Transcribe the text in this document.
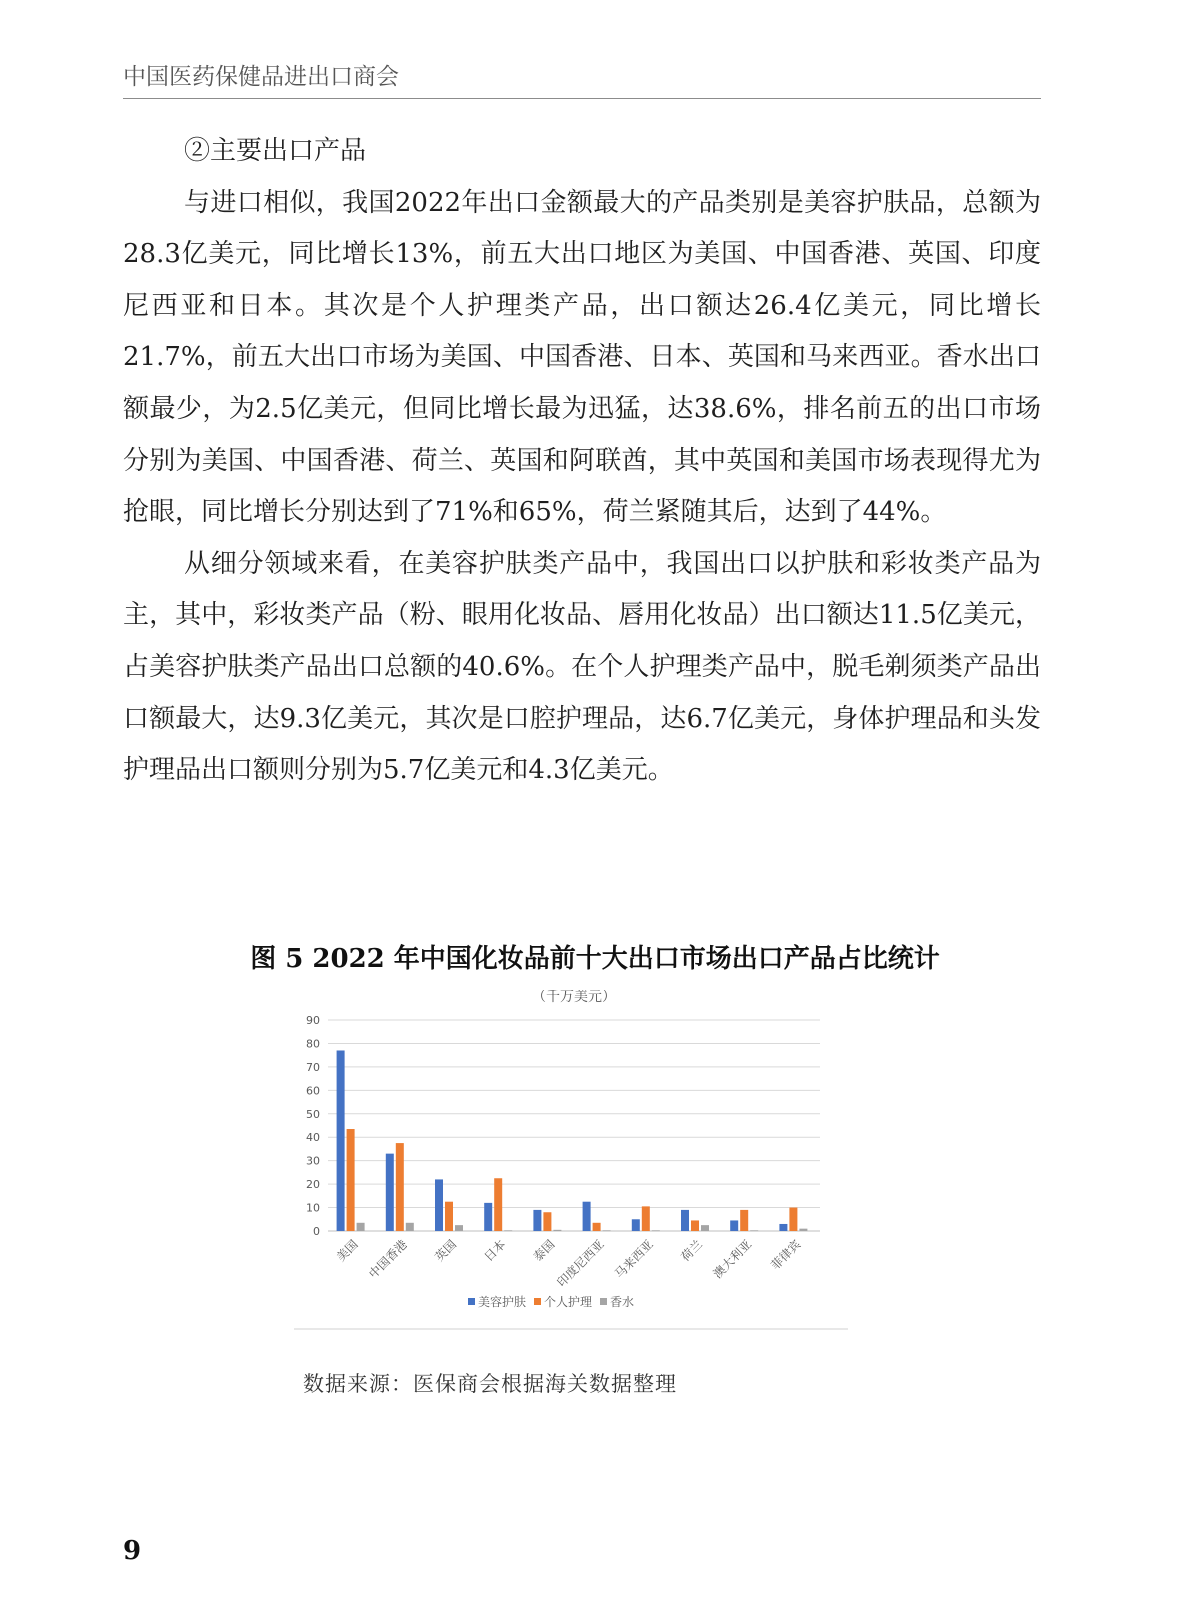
中国医药保健品进出口商会

②主要出口产品

与进口相似，我国2022年出口金额最大的产品类别是美容护肤品，总额为28.3亿美元，同比增长13%，前五大出口地区为美国、中国香港、英国、印度尼西亚和日本。其次是个人护理类产品，出口额达26.4亿美元，同比增长21.7%，前五大出口市场为美国、中国香港、日本、英国和马来西亚。香水出口额最少，为2.5亿美元，但同比增长最为迅猛，达38.6%，排名前五的出口市场分别为美国、中国香港、荷兰、英国和阿联酋，其中英国和美国市场表现得尤为抢眼，同比增长分别达到了71%和65%，荷兰紧随其后，达到了44%。

从细分领域来看，在美容护肤类产品中，我国出口以护肤和彩妆类产品为主，其中，彩妆类产品（粉、眼用化妆品、唇用化妆品）出口额达11.5亿美元，占美容护肤类产品出口总额的40.6%。在个人护理类产品中，脱毛剃须类产品出口额最大，达9.3亿美元，其次是口腔护理品，达6.7亿美元，身体护理品和头发护理品出口额则分别为5.7亿美元和4.3亿美元。

图 5 2022 年中国化妆品前十大出口市场出口产品占比统计
（千万美元）
0
10
20
30
40
50
60
70
80
90
美国 中国香港 英国 日本 泰国
印度尼西亚 马来西亚 荷兰 澳大利亚 菲律宾
美容护肤 个人护理 香水
数据来源：医保商会根据海关数据整理
9
